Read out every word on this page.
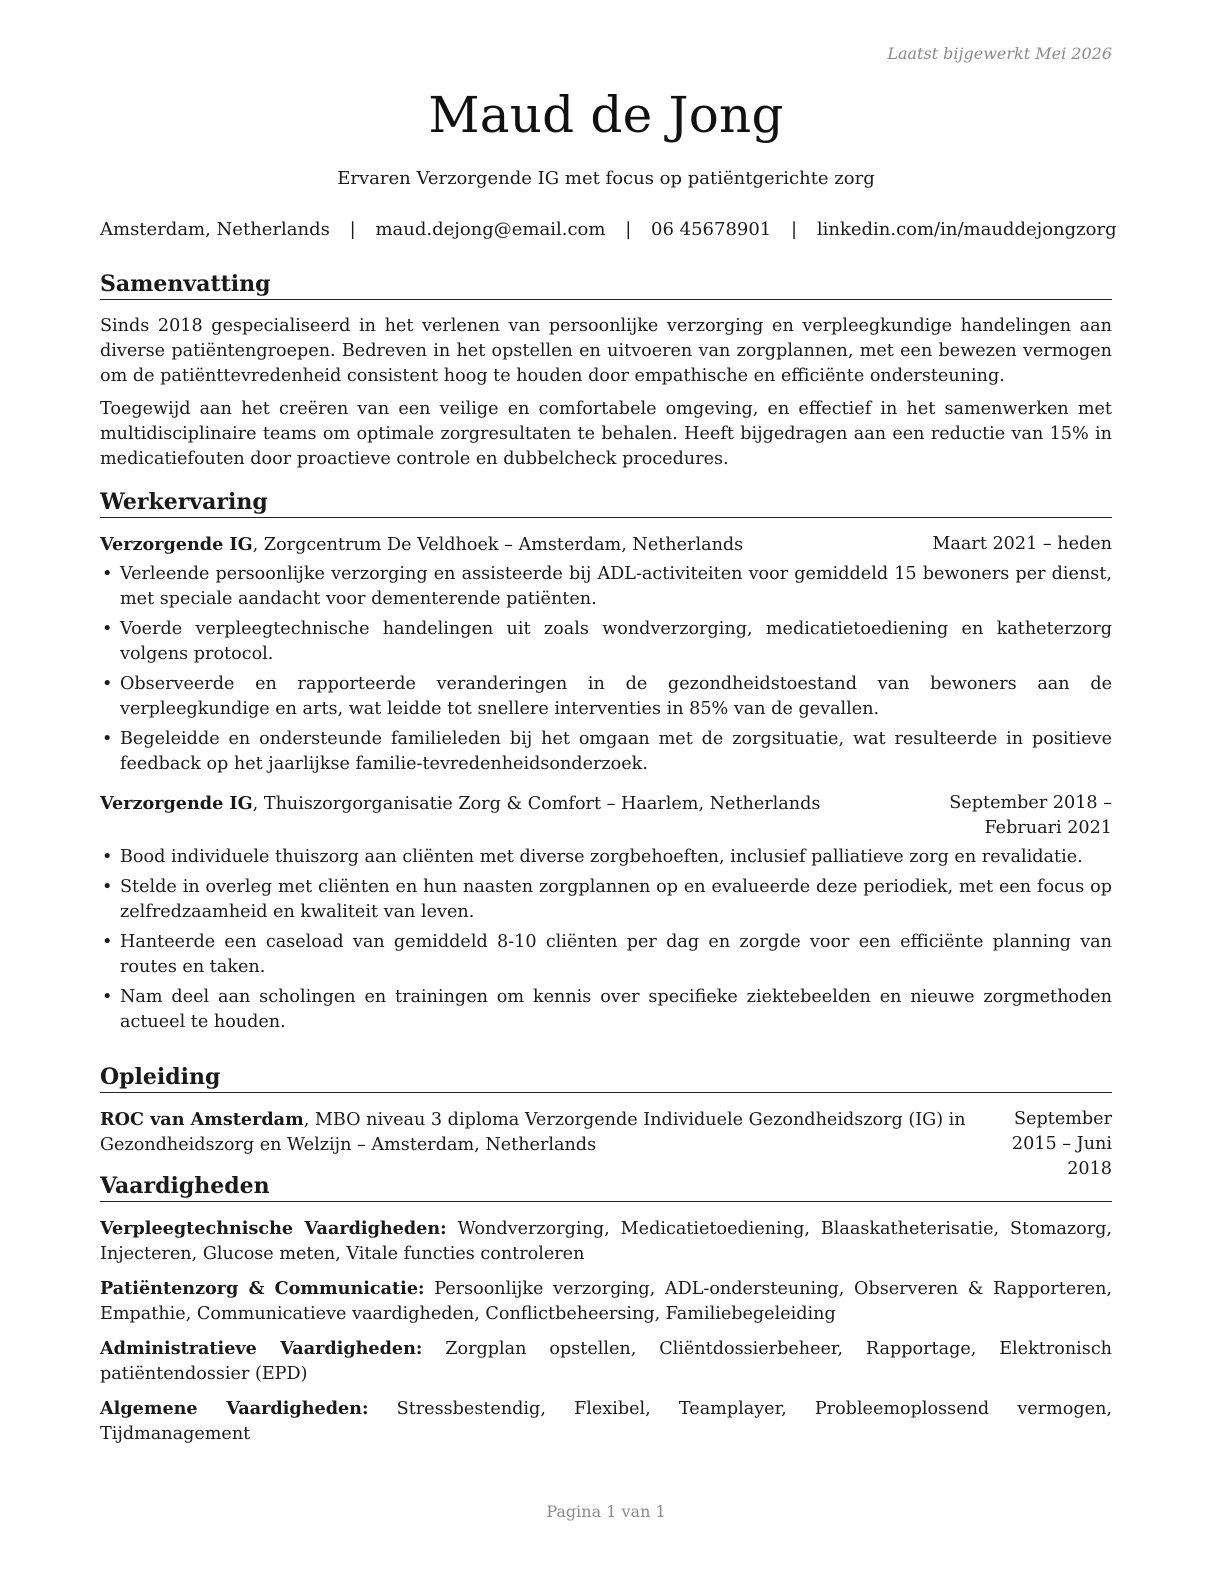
Laatst bijgewerkt Mei 2026
Maud de Jong
Ervaren Verzorgende IG met focus op patiëntgerichte zorg
Amsterdam, Netherlands | maud.dejong@email.com | 06 45678901 | linkedin.com/in/mauddejongzorg
Samenvatting

Sinds 2018 gespecialiseerd in het verlenen van persoonlijke verzorging en verpleegkundige handelingen aan diverse patiëntengroepen. Bedreven in het opstellen en uitvoeren van zorgplannen, met een bewezen vermogen om de patiënttevredenheid consistent hoog te houden door empathische en efficiënte ondersteuning.

Toegewijd aan het creëren van een veilige en comfortabele omgeving, en effectief in het samenwerken met multidisciplinaire teams om optimale zorgresultaten te behalen. Heeft bijgedragen aan een reductie van 15% in medicatiefouten door proactieve controle en dubbelcheck procedures.

Werkervaring
Verzorgende IG, Zorgcentrum De Veldhoek – Amsterdam, Netherlands	Maart 2021 – heden
• Verleende persoonlijke verzorging en assisteerde bij ADL-activiteiten voor gemiddeld 15 bewoners per dienst, met speciale aandacht voor dementerende patiënten.
• Voerde verpleegtechnische handelingen uit zoals wondverzorging, medicatietoediening en katheterzorg volgens protocol.
• Observeerde en rapporteerde veranderingen in de gezondheidstoestand van bewoners aan de verpleegkundige en arts, wat leidde tot snellere interventies in 85% van de gevallen.
• Begeleidde en ondersteunde familieleden bij het omgaan met de zorgsituatie, wat resulteerde in positieve feedback op het jaarlijkse familie-tevredenheidsonderzoek.
Verzorgende IG, Thuiszorgorganisatie Zorg & Comfort – Haarlem, Netherlands	September 2018 – Februari 2021
• Bood individuele thuiszorg aan cliënten met diverse zorgbehoeften, inclusief palliatieve zorg en revalidatie.
• Stelde in overleg met cliënten en hun naasten zorgplannen op en evalueerde deze periodiek, met een focus op zelfredzaamheid en kwaliteit van leven.
• Hanteerde een caseload van gemiddeld 8-10 cliënten per dag en zorgde voor een efficiënte planning van routes en taken.
• Nam deel aan scholingen en trainingen om kennis over specifieke ziektebeelden en nieuwe zorgmethoden actueel te houden.
Opleiding
ROC van Amsterdam, MBO niveau 3 diploma Verzorgende Individuele Gezondheidszorg (IG) in Gezondheidszorg en Welzijn – Amsterdam, Netherlands
September 2015 – Juni 2018
Vaardigheden
Verpleegtechnische Vaardigheden: Wondverzorging, Medicatietoediening, Blaaskatheterisatie, Stomazorg, Injecteren, Glucose meten, Vitale functies controleren
Patiëntenzorg & Communicatie: Persoonlijke verzorging, ADL-ondersteuning, Observeren & Rapporteren, Empathie, Communicatieve vaardigheden, Conflictbeheersing, Familiebegeleiding
Administratieve Vaardigheden: Zorgplan opstellen, Cliëntdossierbeheer, Rapportage, Elektronisch patiëntendossier (EPD)
Algemene Vaardigheden: Stressbestendig, Flexibel, Teamplayer, Probleemoplossend vermogen, Tijdmanagement
Pagina 1 van 1
